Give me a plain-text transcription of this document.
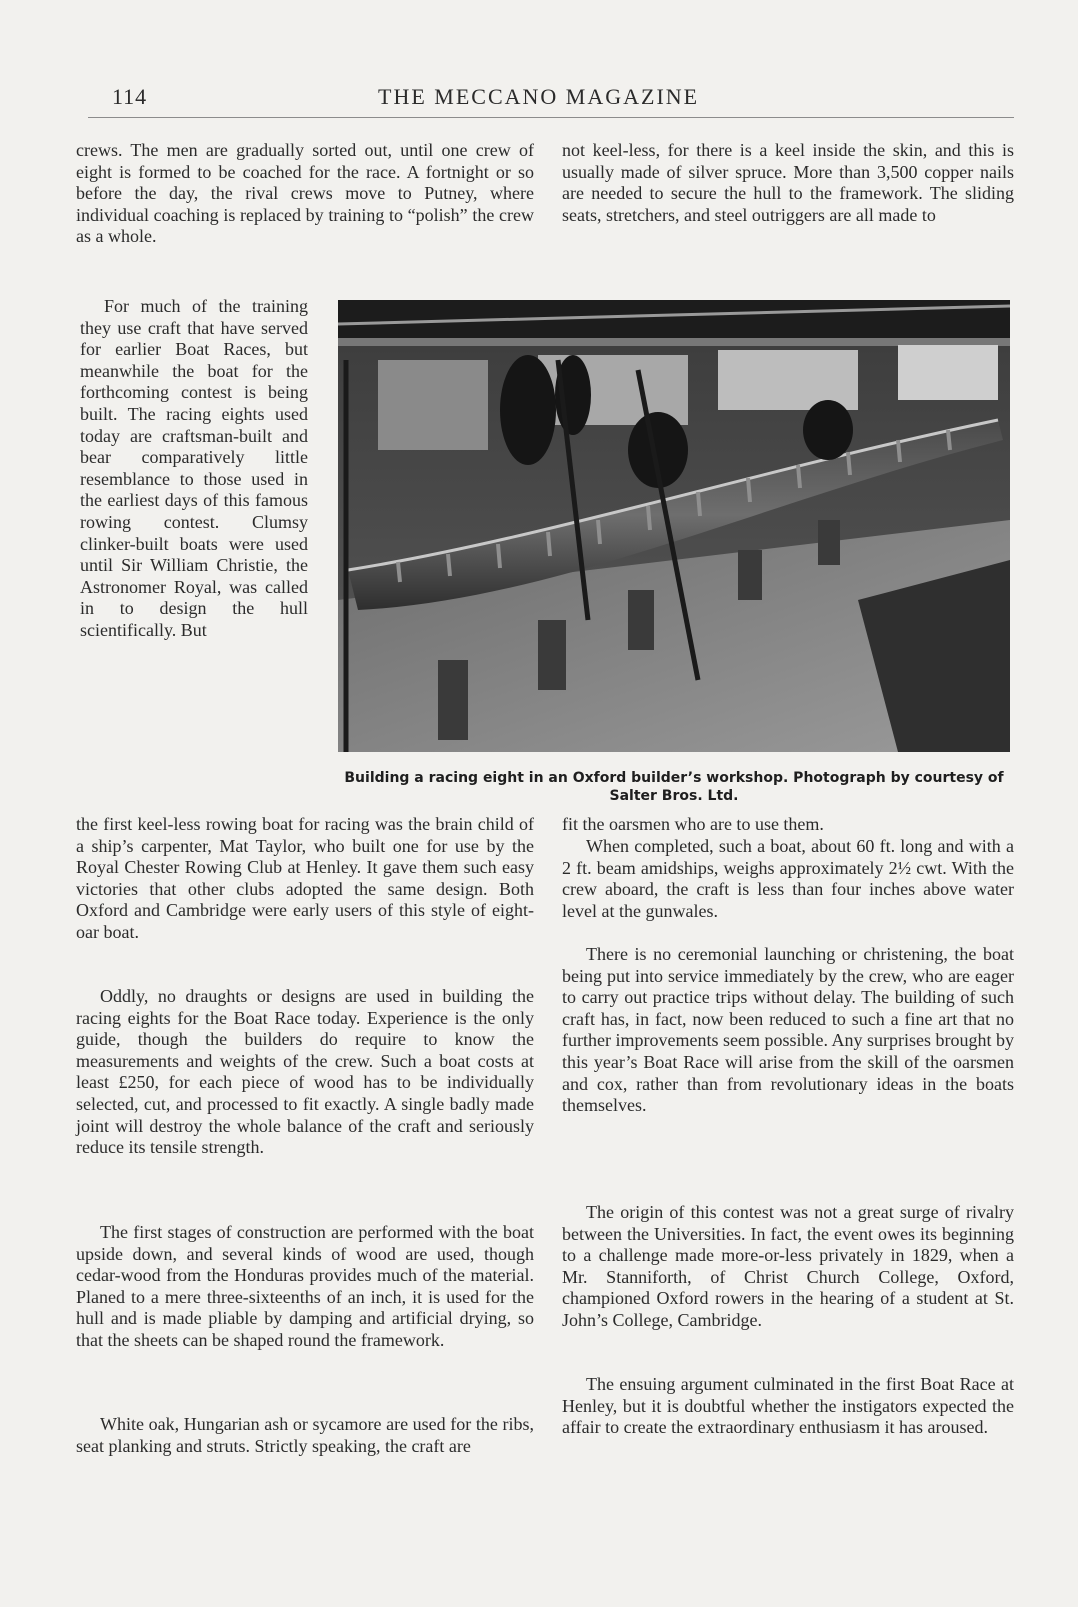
114	THE MECCANO MAGAZINE

crews. The men are gradually sorted out, until one crew of eight is formed to be coached for the race. A fortnight or so before the day, the rival crews move to Putney, where individual coaching is replaced by training to “polish” the crew as a whole.

For much of the training they use craft that have served for earlier Boat Races, but meanwhile the boat for the forthcoming contest is being built. The racing eights used today are craftsman-built and bear comparatively little resemblance to those used in the earliest days of this famous rowing contest. Clumsy clinker-built boats were used until Sir William Christie, the Astronomer Royal, was called in to design the hull scientifically. But

the first keel-less rowing boat for racing was the brain child of a ship’s carpenter, Mat Taylor, who built one for use by the Royal Chester Rowing Club at Henley. It gave them such easy victories that other clubs adopted the same design. Both Oxford and Cambridge were early users of this style of eight-oar boat.

Oddly, no draughts or designs are used in building the racing eights for the Boat Race today. Experience is the only guide, though the builders do require to know the measurements and weights of the crew. Such a boat costs at least £250, for each piece of wood has to be individually selected, cut, and processed to fit exactly. A single badly made joint will destroy the whole balance of the craft and seriously reduce its tensile strength.

The first stages of construction are performed with the boat upside down, and several kinds of wood are used, though cedar-wood from the Honduras provides much of the material. Planed to a mere three-sixteenths of an inch, it is used for the hull and is made pliable by damping and artificial drying, so that the sheets can be shaped round the framework.

White oak, Hungarian ash or sycamore are used for the ribs, seat planking and struts. Strictly speaking, the craft are

not keel-less, for there is a keel inside the skin, and this is usually made of silver spruce. More than 3,500 copper nails are needed to secure the hull to the framework. The sliding seats, stretchers, and steel outriggers are all made to

fit the oarsmen who are to use them.

When completed, such a boat, about 60 ft. long and with a 2 ft. beam amidships, weighs approximately 2½ cwt. With the crew aboard, the craft is less than four inches above water level at the gunwales.

There is no ceremonial launching or christening, the boat being put into service immediately by the crew, who are eager to carry out practice trips without delay. The building of such craft has, in fact, now been reduced to such a fine art that no further improvements seem possible. Any surprises brought by this year’s Boat Race will arise from the skill of the oarsmen and cox, rather than from revolutionary ideas in the boats themselves.

The origin of this contest was not a great surge of rivalry between the Universities. In fact, the event owes its beginning to a challenge made more-or-less privately in 1829, when a Mr. Stanniforth, of Christ Church College, Oxford, championed Oxford rowers in the hearing of a student at St. John’s College, Cambridge.

The ensuing argument culminated in the first Boat Race at Henley, but it is doubtful whether the instigators expected the affair to create the extraordinary enthusiasm it has aroused.

Building a racing eight in an Oxford builder’s workshop. Photograph by courtesy of Salter Bros. Ltd.
